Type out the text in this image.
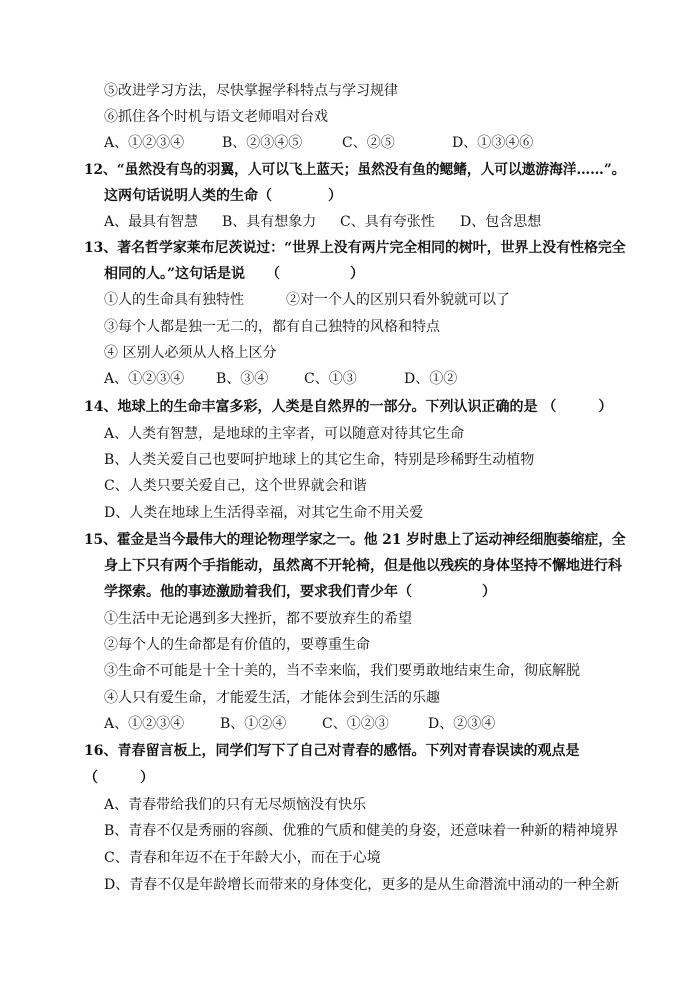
⑤改进学习方法，尽快掌握学科特点与学习规律
⑥抓住各个时机与语文老师唱对台戏
A、①②③④	B、②③④⑤	C、②⑤	D、①③④⑥
12、“虽然没有鸟的羽翼，人可以飞上蓝天；虽然没有鱼的鳃鳍，人可以遨游海洋……”。
这两句话说明人类的生命（　　　　）
A、最具有智慧 B、具有想象力 C、具有夸张性 D、包含思想
13、著名哲学家莱布尼茨说过：“世界上没有两片完全相同的树叶，世界上没有性格完全
相同的人。”这句话是说　　（　　　　　）
①人的生命具有独特性　　　②对一个人的区别只看外貌就可以了
③每个人都是独一无二的，都有自己独特的风格和特点
④ 区别人必须从人格上区分
A、①②③④ B、③④	C、①③	D、①②
14、地球上的生命丰富多彩，人类是自然界的一部分。下列认识正确的是 （　　　）
A、人类有智慧，是地球的主宰者，可以随意对待其它生命
B、人类关爱自己也要呵护地球上的其它生命，特别是珍稀野生动植物
C、人类只要关爱自己，这个世界就会和谐
D、人类在地球上生活得幸福，对其它生命不用关爱
15、霍金是当今最伟大的理论物理学家之一。他 21 岁时患上了运动神经细胞萎缩症，全
身上下只有两个手指能动，虽然离不开轮椅，但是他以残疾的身体坚持不懈地进行科
学探索。他的事迹激励着我们，要求我们青少年（　　　　　）
①生活中无论遇到多大挫折，都不要放弃生的希望
②每个人的生命都是有价值的，要尊重生命
③生命不可能是十全十美的，当不幸来临，我们要勇敢地结束生命，彻底解脱
④人只有爱生命，才能爱生活，才能体会到生活的乐趣
A、①②③④	B、①②④	C、①②③	D、②③④
16、青春留言板上，同学们写下了自己对青春的感悟。下列对青春误读的观点是
（　　　）
A、青春带给我们的只有无尽烦恼没有快乐
B、青春不仅是秀丽的容颜、优雅的气质和健美的身姿，还意味着一种新的精神境界
C、青春和年迈不在于年龄大小，而在于心境
D、青春不仅是年龄增长而带来的身体变化，更多的是从生命潜流中涌动的一种全新
